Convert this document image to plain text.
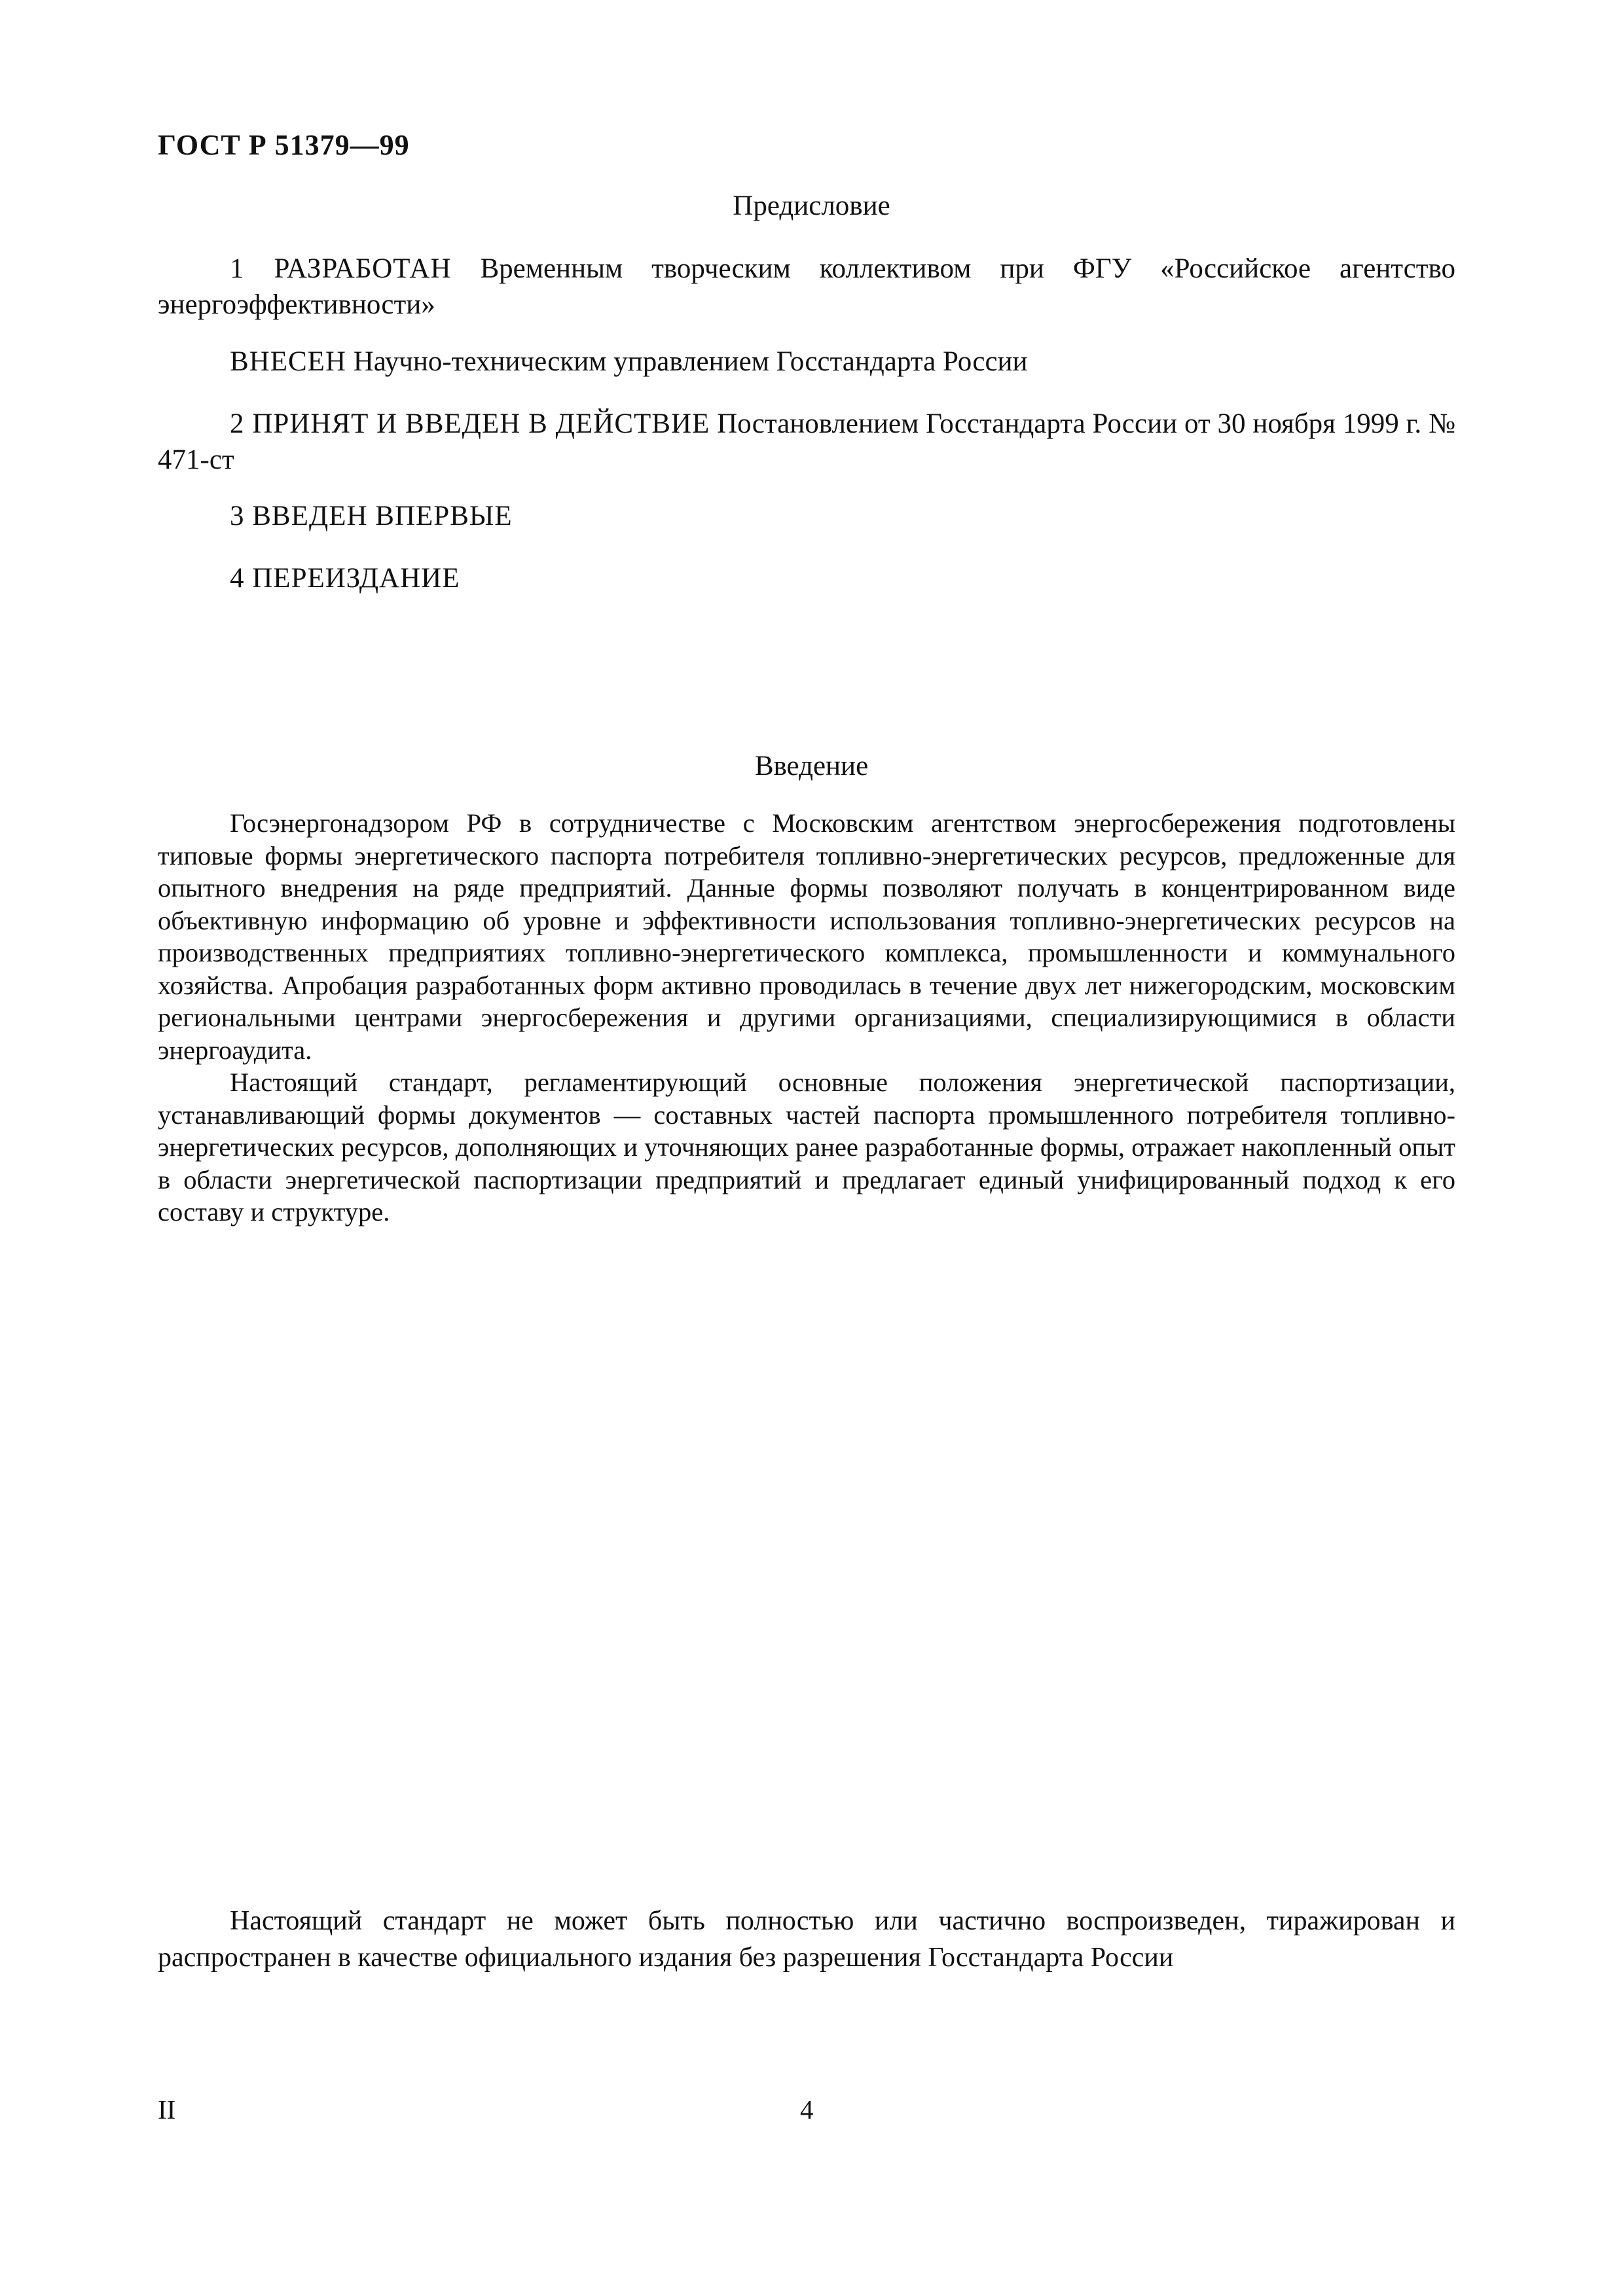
ГОСТ Р 51379—99
Предисловие
1 РАЗРАБОТАН Временным творческим коллективом при ФГУ «Российское агентство энергоэффективности»
ВНЕСЕН Научно-техническим управлением Госстандарта России
2 ПРИНЯТ И ВВЕДЕН В ДЕЙСТВИЕ Постановлением Госстандарта России от 30 ноября 1999 г. № 471-ст
3 ВВЕДЕН ВПЕРВЫЕ
4 ПЕРЕИЗДАНИЕ
Введение

Госэнергонадзором РФ в сотрудничестве с Московским агентством энергосбережения подготовлены типовые формы энергетического паспорта потребителя топливно-энергетических ресурсов, предложенные для опытного внедрения на ряде предприятий. Данные формы позволяют получать в концентрированном виде объективную информацию об уровне и эффективности использования топливно-энергетических ресурсов на производственных предприятиях топливно-энергетического комплекса, промышленности и коммунального хозяйства. Апробация разработанных форм активно проводилась в течение двух лет нижегородским, московским региональными центрами энергосбережения и другими организациями, специализирующимися в области энергоаудита.

Настоящий стандарт, регламентирующий основные положения энергетической паспортизации, устанавливающий формы документов — составных частей паспорта промышленного потребителя топливно-энергетических ресурсов, дополняющих и уточняющих ранее разработанные формы, отражает накопленный опыт в области энергетической паспортизации предприятий и предлагает единый унифицированный подход к его составу и структуре.

Настоящий стандарт не может быть полностью или частично воспроизведен, тиражирован и распространен в качестве официального издания без разрешения Госстандарта России
II	4
